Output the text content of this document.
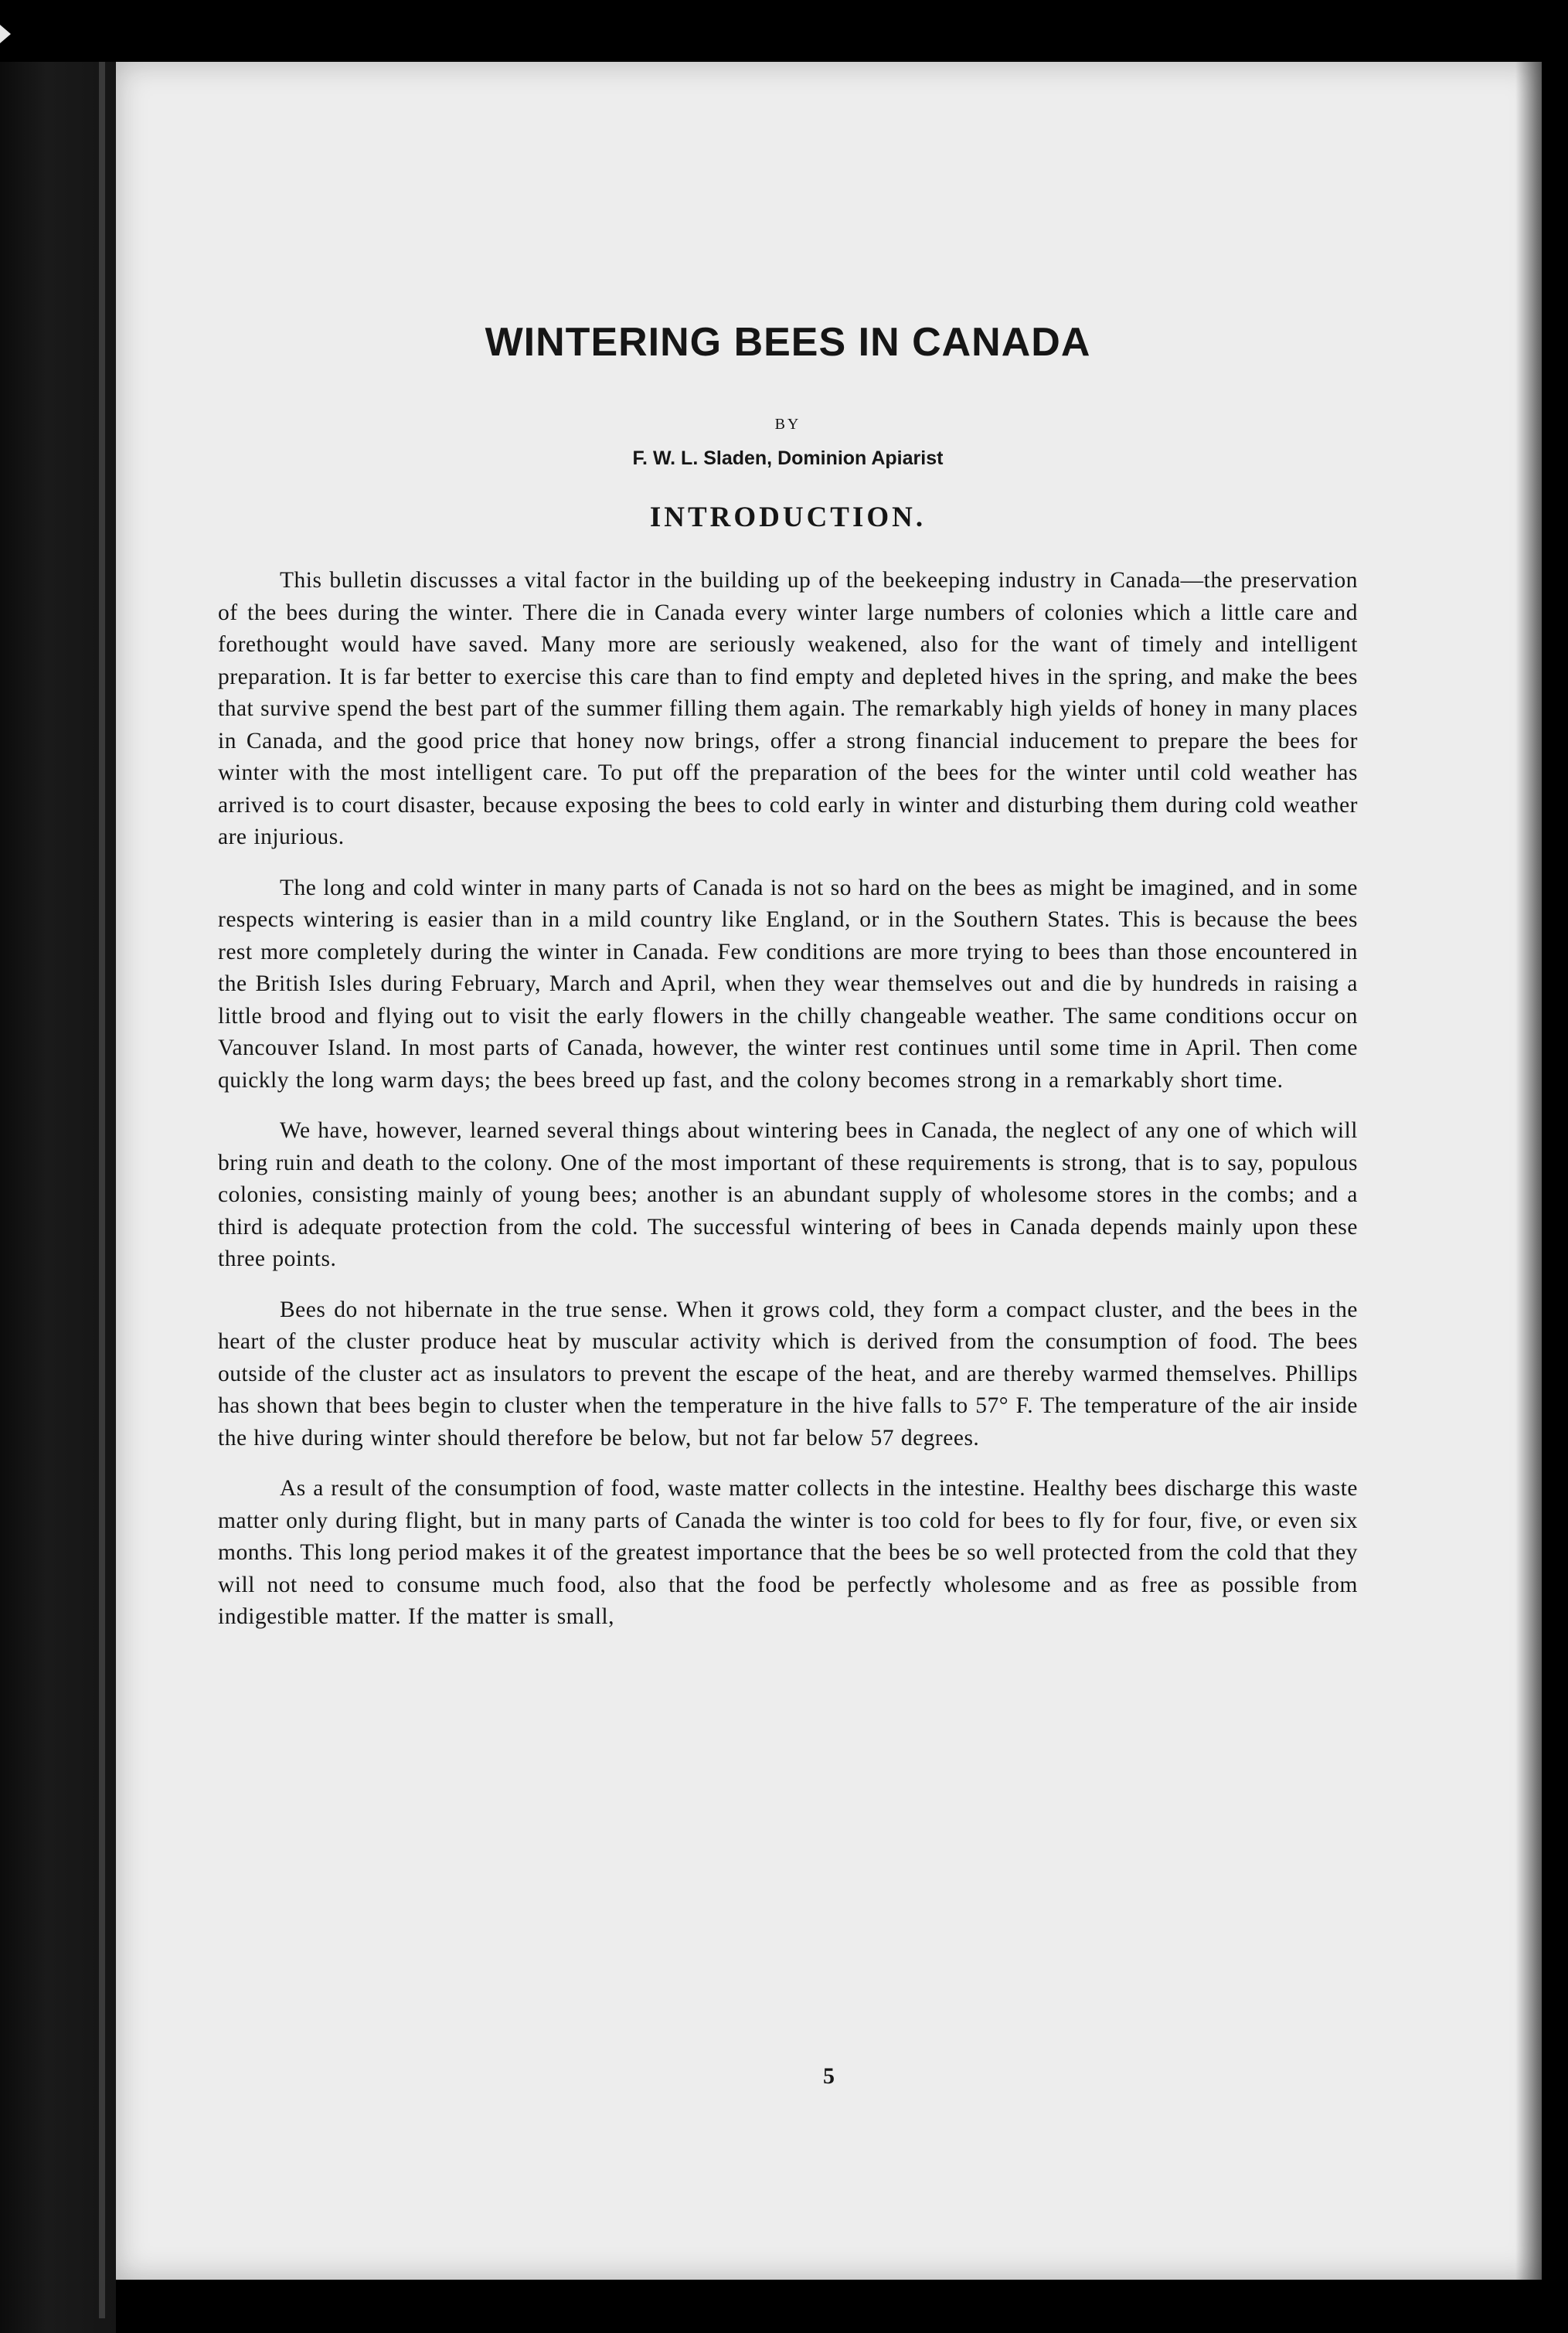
WINTERING BEES IN CANADA
BY
F. W. L. Sladen, Dominion Apiarist
INTRODUCTION.

This bulletin discusses a vital factor in the building up of the beekeeping industry in Canada—the preservation of the bees during the winter. There die in Canada every winter large numbers of colonies which a little care and forethought would have saved. Many more are seriously weakened, also for the want of timely and intelligent preparation. It is far better to exercise this care than to find empty and depleted hives in the spring, and make the bees that survive spend the best part of the summer filling them again. The remarkably high yields of honey in many places in Canada, and the good price that honey now brings, offer a strong financial inducement to prepare the bees for winter with the most intelligent care. To put off the preparation of the bees for the winter until cold weather has arrived is to court disaster, because exposing the bees to cold early in winter and disturbing them during cold weather are injurious.

The long and cold winter in many parts of Canada is not so hard on the bees as might be imagined, and in some respects wintering is easier than in a mild country like England, or in the Southern States. This is because the bees rest more completely during the winter in Canada. Few conditions are more trying to bees than those encountered in the British Isles during February, March and April, when they wear themselves out and die by hundreds in raising a little brood and flying out to visit the early flowers in the chilly changeable weather. The same conditions occur on Vancouver Island. In most parts of Canada, however, the winter rest continues until some time in April. Then come quickly the long warm days; the bees breed up fast, and the colony becomes strong in a remarkably short time.

We have, however, learned several things about wintering bees in Canada, the neglect of any one of which will bring ruin and death to the colony. One of the most important of these requirements is strong, that is to say, populous colonies, consisting mainly of young bees; another is an abundant supply of wholesome stores in the combs; and a third is adequate protection from the cold. The successful wintering of bees in Canada depends mainly upon these three points.

Bees do not hibernate in the true sense. When it grows cold, they form a compact cluster, and the bees in the heart of the cluster produce heat by muscular activity which is derived from the consumption of food. The bees outside of the cluster act as insulators to prevent the escape of the heat, and are thereby warmed themselves. Phillips has shown that bees begin to cluster when the temperature in the hive falls to 57° F. The temperature of the air inside the hive during winter should therefore be below, but not far below 57 degrees.

As a result of the consumption of food, waste matter collects in the intestine. Healthy bees discharge this waste matter only during flight, but in many parts of Canada the winter is too cold for bees to fly for four, five, or even six months. This long period makes it of the greatest importance that the bees be so well protected from the cold that they will not need to consume much food, also that the food be perfectly wholesome and as free as possible from indigestible matter. If the matter is small,

5
